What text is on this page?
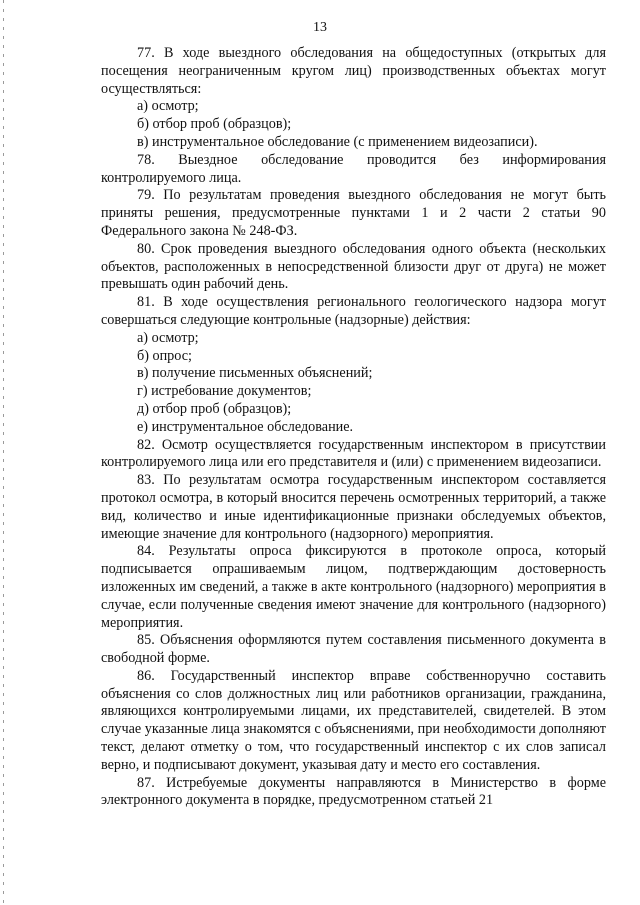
13

77. В ходе выездного обследования на общедоступных (открытых для посещения неограниченным кругом лиц) производственных объектах могут осуществляться:

а) осмотр;

б) отбор проб (образцов);

в) инструментальное обследование (с применением видеозаписи).

78. Выездное обследование проводится без информирования контролируемого лица.

79. По результатам проведения выездного обследования не могут быть приняты решения, предусмотренные пунктами 1 и 2 части 2 статьи 90 Федерального закона № 248-ФЗ.

80. Срок проведения выездного обследования одного объекта (нескольких объектов, расположенных в непосредственной близости друг от друга) не может превышать один рабочий день.

81. В ходе осуществления регионального геологического надзора могут совершаться следующие контрольные (надзорные) действия:

а) осмотр;

б) опрос;

в) получение письменных объяснений;

г) истребование документов;

д) отбор проб (образцов);

е) инструментальное обследование.

82. Осмотр осуществляется государственным инспектором в присутствии контролируемого лица или его представителя и (или) с применением видеозаписи.

83. По результатам осмотра государственным инспектором составляется протокол осмотра, в который вносится перечень осмотренных территорий, а также вид, количество и иные идентификационные признаки обследуемых объектов, имеющие значение для контрольного (надзорного) мероприятия.

84. Результаты опроса фиксируются в протоколе опроса, который подписывается опрашиваемым лицом, подтверждающим достоверность изложенных им сведений, а также в акте контрольного (надзорного) мероприятия в случае, если полученные сведения имеют значение для контрольного (надзорного) мероприятия.

85. Объяснения оформляются путем составления письменного документа в свободной форме.

86. Государственный инспектор вправе собственноручно составить объяснения со слов должностных лиц или работников организации, гражданина, являющихся контролируемыми лицами, их представителей, свидетелей. В этом случае указанные лица знакомятся с объяснениями, при необходимости дополняют текст, делают отметку о том, что государственный инспектор с их слов записал верно, и подписывают документ, указывая дату и место его составления.

87. Истребуемые документы направляются в Министерство в форме электронного документа в порядке, предусмотренном статьей 21
